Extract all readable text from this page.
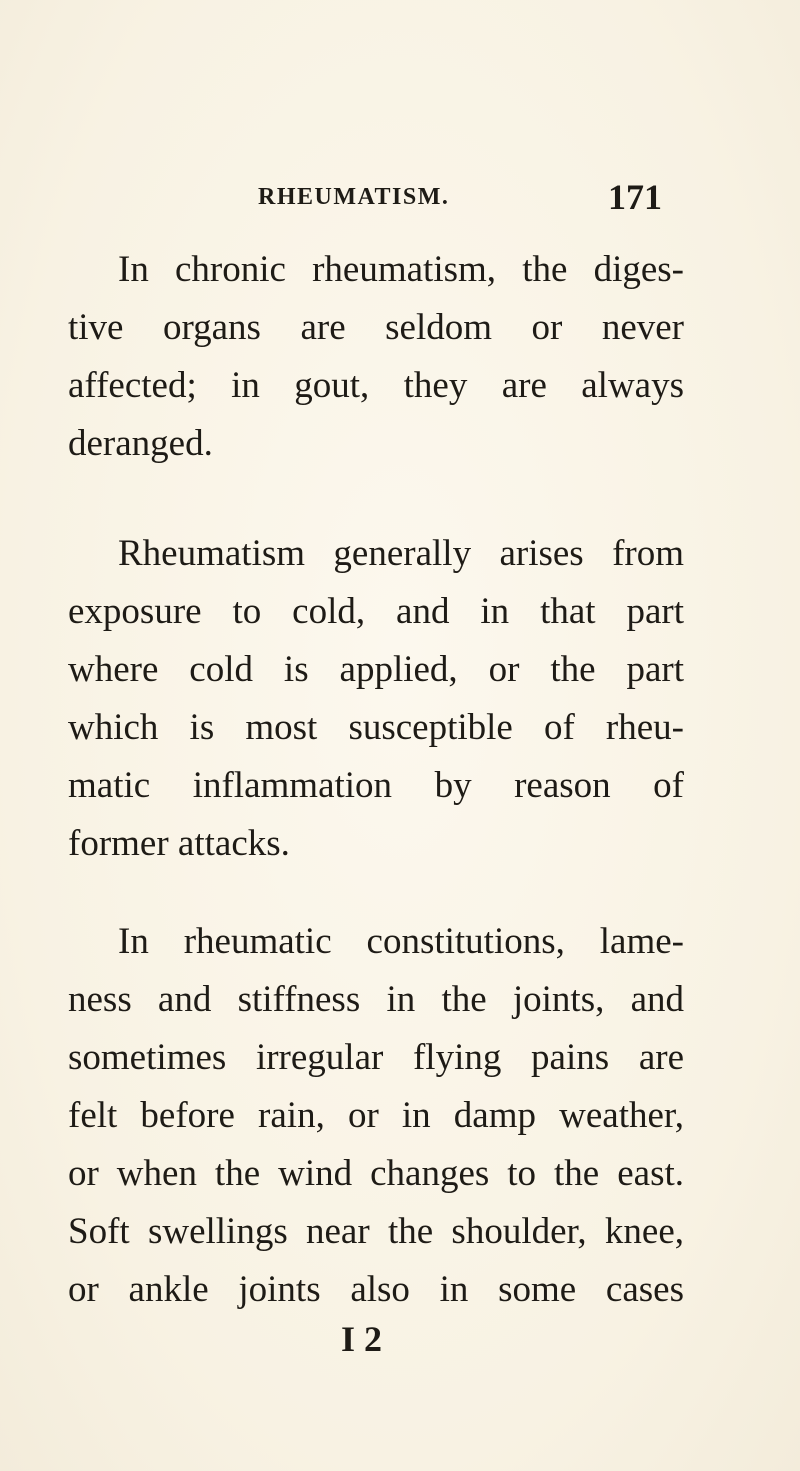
RHEUMATISM.	171
In chronic rheumatism, the diges-
tive organs are seldom or never
affected; in gout, they are always
deranged.
Rheumatism generally arises from
exposure to cold, and in that part
where cold is applied, or the part
which is most susceptible of rheu-
matic inflammation by reason of
former attacks.
In rheumatic constitutions, lame-
ness and stiffness in the joints, and
sometimes irregular flying pains are
felt before rain, or in damp weather,
or when the wind changes to the east.
Soft swellings near the shoulder, knee,
or ankle joints also in some cases
I 2
